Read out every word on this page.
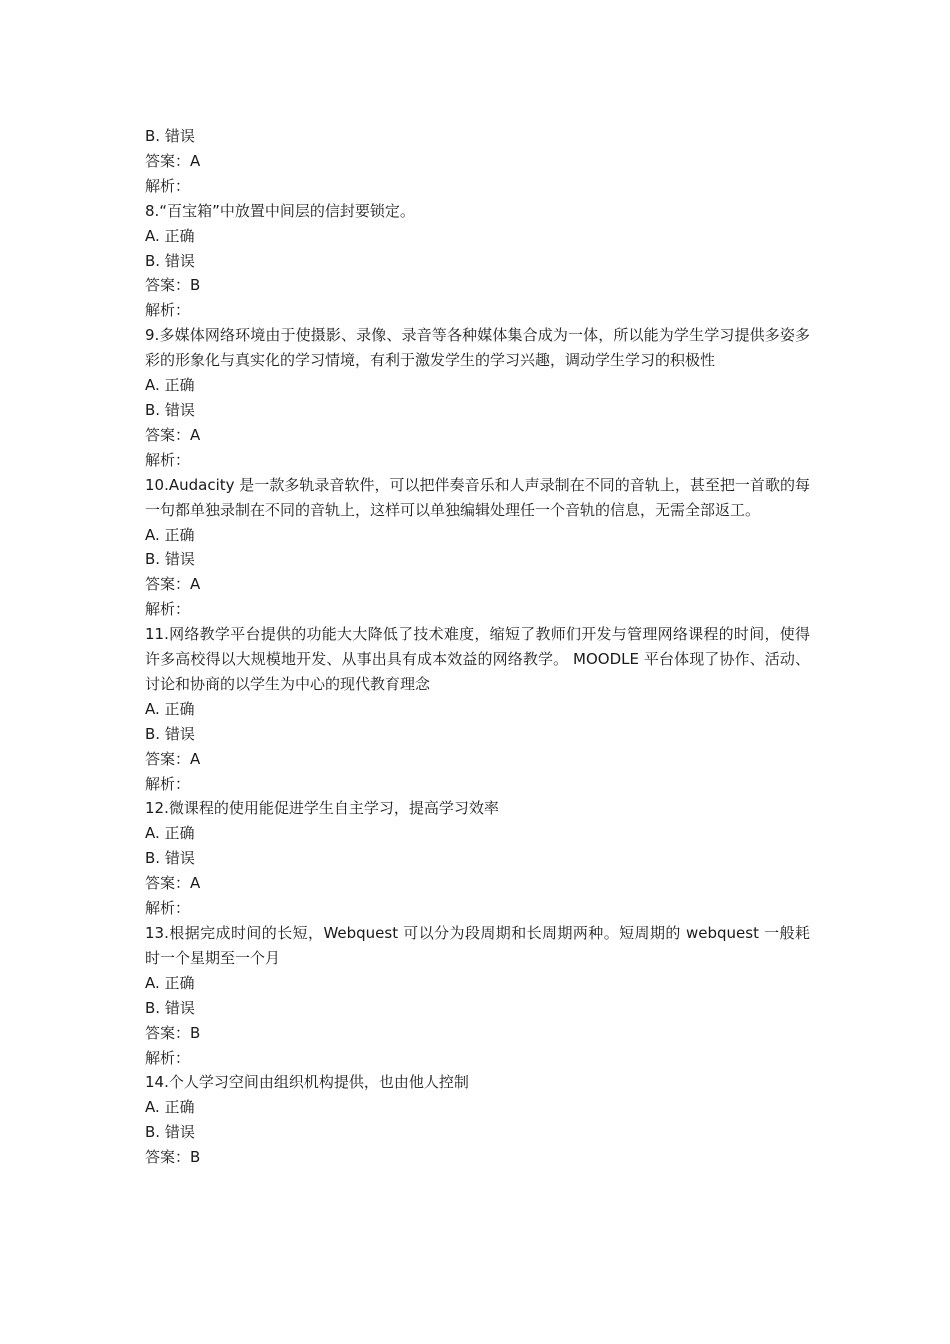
B. 错误

答案：A

解析：

8.“百宝箱”中放置中间层的信封要锁定。

A. 正确

B. 错误

答案：B

解析：

9.多媒体网络环境由于使摄影、录像、录音等各种媒体集合成为一体，所以能为学生学习提供多姿多彩的形象化与真实化的学习情境，有利于激发学生的学习兴趣，调动学生学习的积极性

A. 正确

B. 错误

答案：A

解析：

10.Audacity 是一款多轨录音软件，可以把伴奏音乐和人声录制在不同的音轨上，甚至把一首歌的每一句都单独录制在不同的音轨上，这样可以单独编辑处理任一个音轨的信息，无需全部返工。

A. 正确

B. 错误

答案：A

解析：

11.网络教学平台提供的功能大大降低了技术难度，缩短了教师们开发与管理网络课程的时间，使得许多高校得以大规模地开发、从事出具有成本效益的网络教学。 MOODLE 平台体现了协作、活动、讨论和协商的以学生为中心的现代教育理念

A. 正确

B. 错误

答案：A

解析：

12.微课程的使用能促进学生自主学习，提高学习效率

A. 正确

B. 错误

答案：A

解析：

13.根据完成时间的长短，Webquest 可以分为段周期和长周期两种。短周期的 webquest 一般耗时一个星期至一个月

A. 正确

B. 错误

答案：B

解析：

14.个人学习空间由组织机构提供，也由他人控制

A. 正确

B. 错误

答案：B
